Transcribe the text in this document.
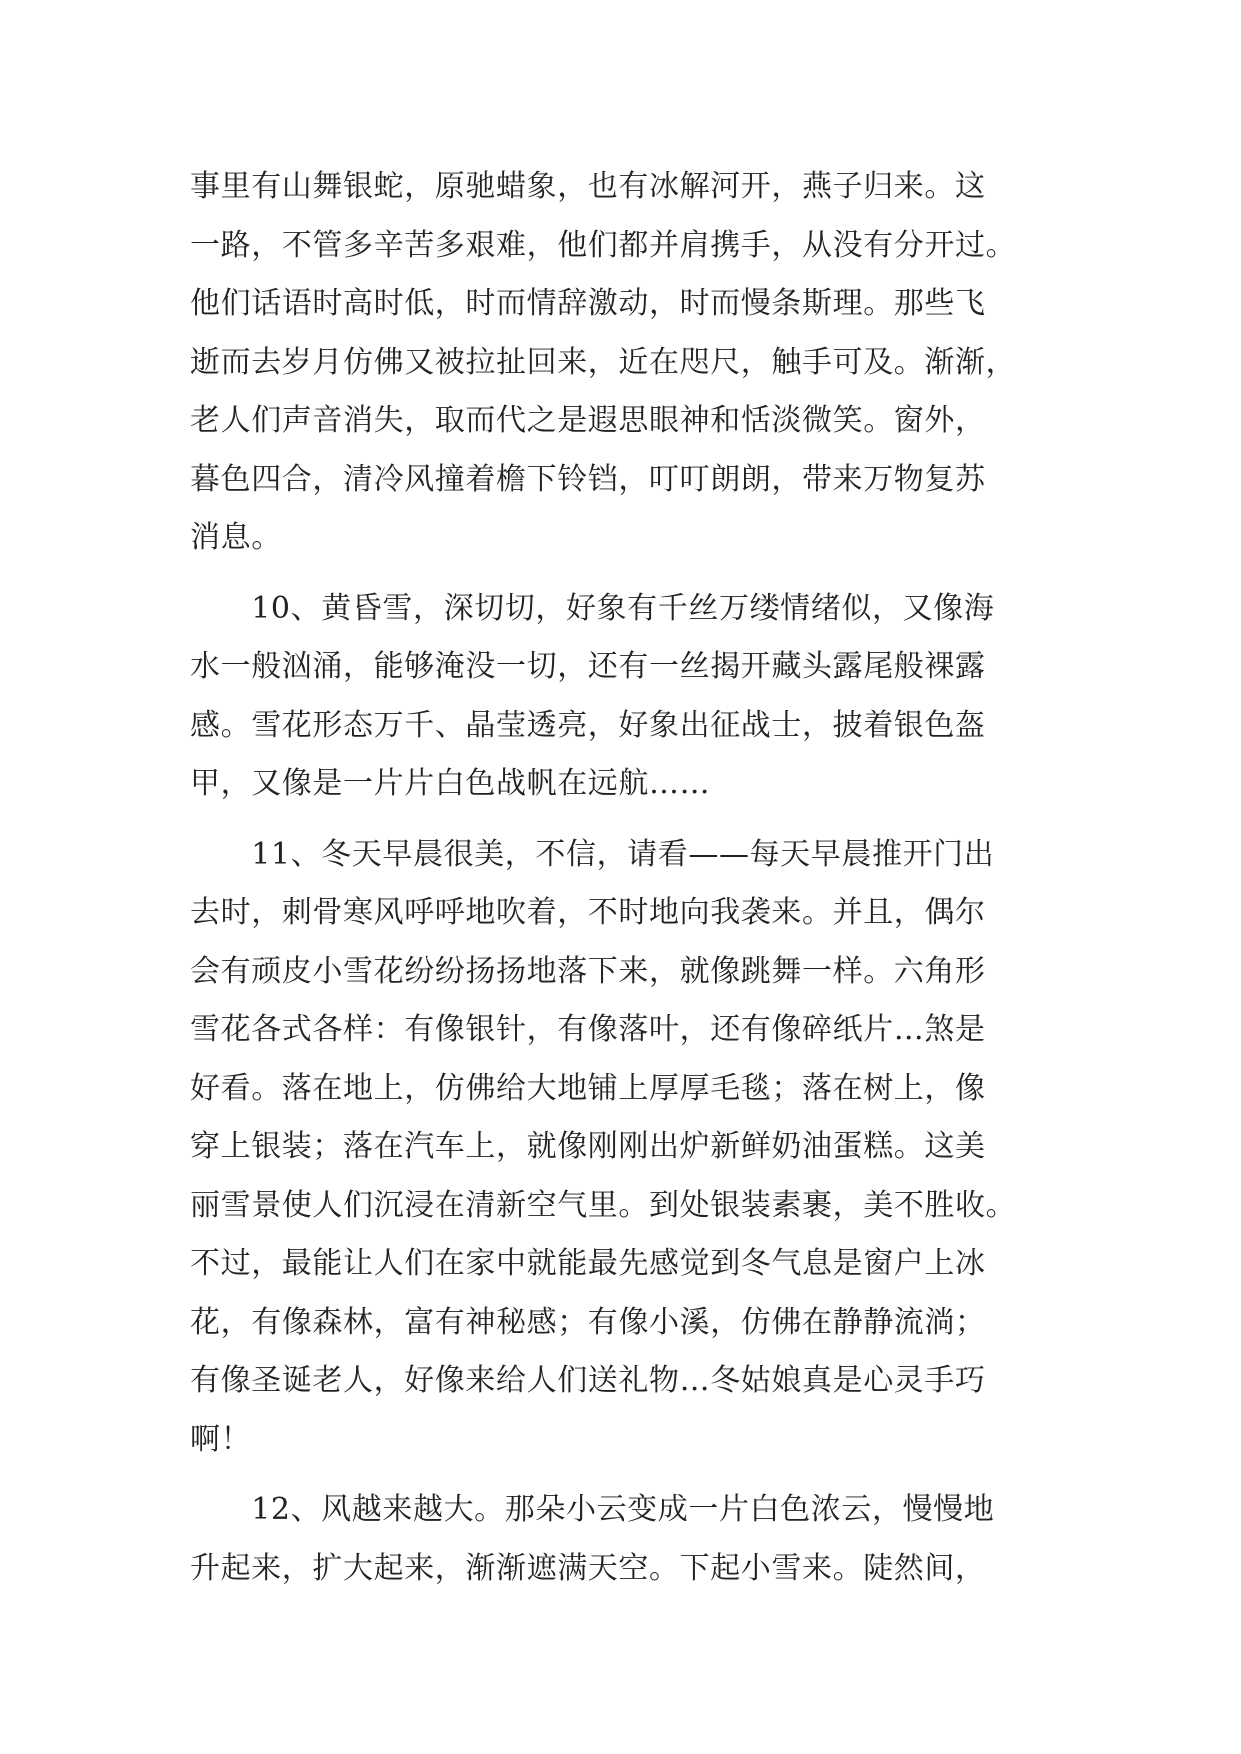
事里有山舞银蛇，原驰蜡象，也有冰解河开，燕子归来。这
一路，不管多辛苦多艰难，他们都并肩携手，从没有分开过。
他们话语时高时低，时而情辞激动，时而慢条斯理。那些飞
逝而去岁月仿佛又被拉扯回来，近在咫尺，触手可及。渐渐，
老人们声音消失，取而代之是遐思眼神和恬淡微笑。窗外，
暮色四合，清冷风撞着檐下铃铛，叮叮朗朗，带来万物复苏
消息。
　　10、黄昏雪，深切切，好象有千丝万缕情绪似，又像海
水一般汹涌，能够淹没一切，还有一丝揭开藏头露尾般裸露
感。雪花形态万千、晶莹透亮，好象出征战士，披着银色盔
甲，又像是一片片白色战帆在远航……
　　11、冬天早晨很美，不信，请看——每天早晨推开门出
去时，刺骨寒风呼呼地吹着，不时地向我袭来。并且，偶尔
会有顽皮小雪花纷纷扬扬地落下来，就像跳舞一样。六角形
雪花各式各样：有像银针，有像落叶，还有像碎纸片…煞是
好看。落在地上，仿佛给大地铺上厚厚毛毯；落在树上，像
穿上银装；落在汽车上，就像刚刚出炉新鲜奶油蛋糕。这美
丽雪景使人们沉浸在清新空气里。到处银装素裹，美不胜收。
不过，最能让人们在家中就能最先感觉到冬气息是窗户上冰
花，有像森林，富有神秘感；有像小溪，仿佛在静静流淌；
有像圣诞老人，好像来给人们送礼物…冬姑娘真是心灵手巧
啊！
　　12、风越来越大。那朵小云变成一片白色浓云，慢慢地
升起来，扩大起来，渐渐遮满天空。下起小雪来。陡然间，
